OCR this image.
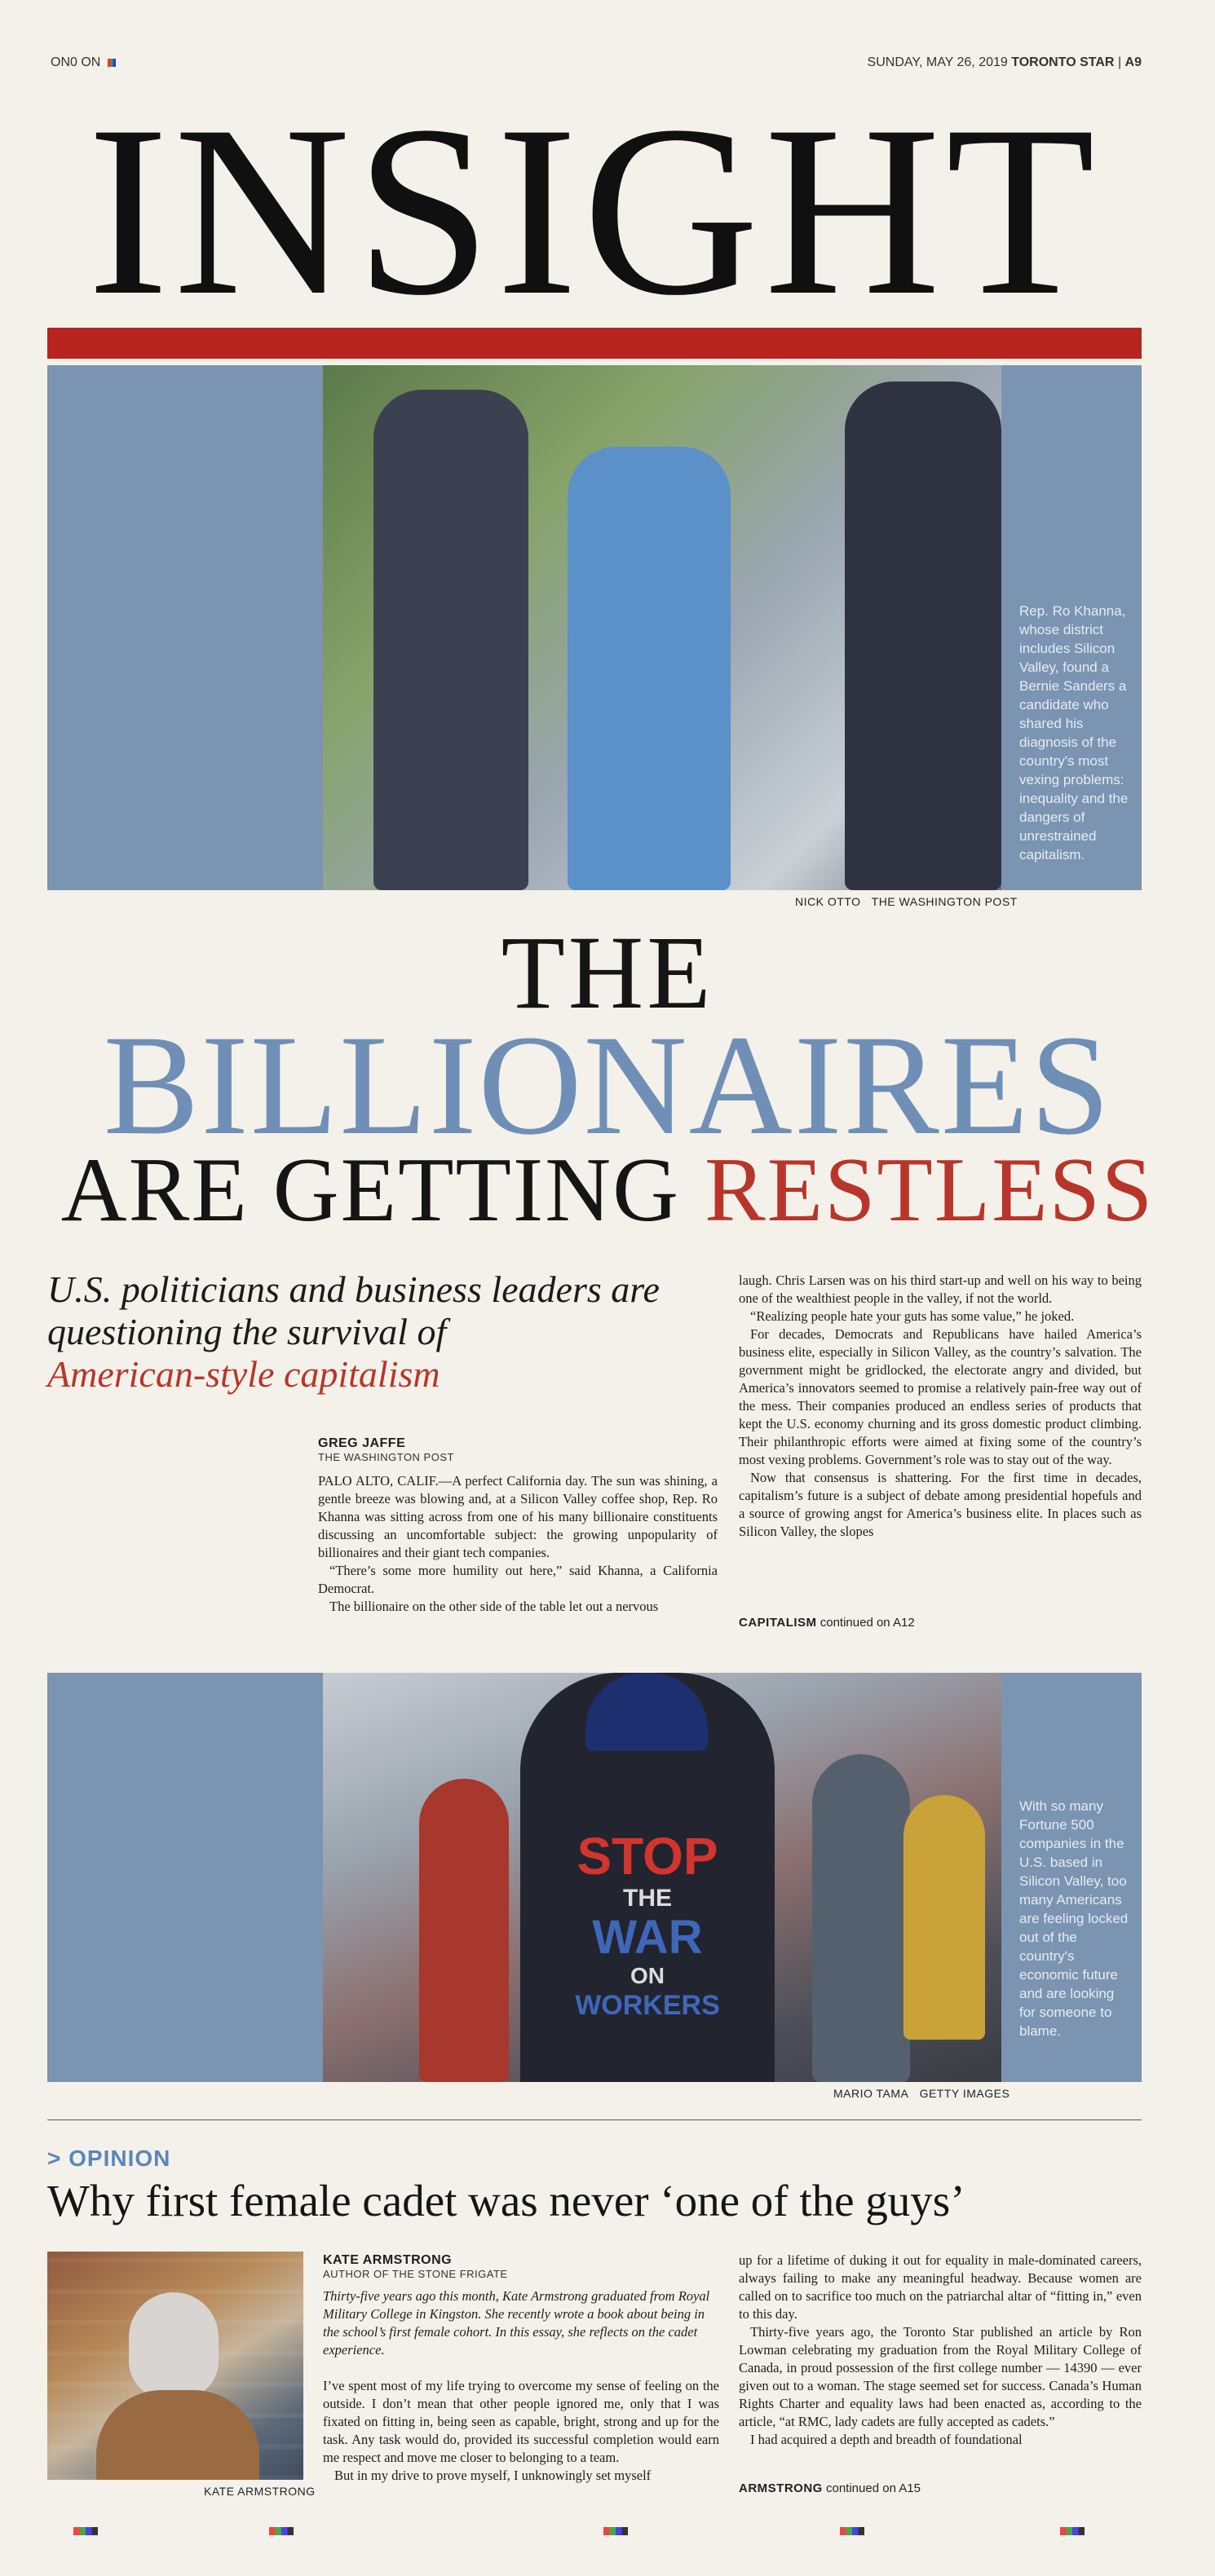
ON0 ON	SUNDAY, MAY 26, 2019 TORONTO STAR | A9
INSIGHT
Rep. Ro Khanna, whose district includes Silicon Valley, found a Bernie Sanders a candidate who shared his diagnosis of the country's most vexing problems: inequality and the dangers of unrestrained capitalism.
NICK OTTO THE WASHINGTON POST
THE
BILLIONAIRES
ARE GETTING RESTLESS
U.S. politicians and business leaders are questioning the survival of
American-style capitalism
GREG JAFFE
THE WASHINGTON POST

PALO ALTO, CALIF.—A perfect California day. The sun was shining, a gentle breeze was blowing and, at a Silicon Valley coffee shop, Rep. Ro Khanna was sitting across from one of his many billionaire constituents discussing an uncomfortable subject: the growing unpopularity of billionaires and their giant tech companies.

“There’s some more humility out here,” said Khanna, a California Democrat.

The billionaire on the other side of the table let out a nervous

laugh. Chris Larsen was on his third start-up and well on his way to being one of the wealthiest people in the valley, if not the world.

“Realizing people hate your guts has some value,” he joked.

For decades, Democrats and Republicans have hailed America’s business elite, especially in Silicon Valley, as the country’s salvation. The government might be gridlocked, the electorate angry and divided, but America’s innovators seemed to promise a relatively pain-free way out of the mess. Their companies produced an endless series of products that kept the U.S. economy churning and its gross domestic product climbing. Their philanthropic efforts were aimed at fixing some of the country’s most vexing problems. Government’s role was to stay out of the way.

Now that consensus is shattering. For the first time in decades, capitalism’s future is a subject of debate among presidential hopefuls and a source of growing angst for America’s business elite. In places such as Silicon Valley, the slopes

CAPITALISM continued on A12
STOP
THE
WAR
ON
WORKERS
With so many Fortune 500 companies in the U.S. based in Silicon Valley, too many Americans are feeling locked out of the country's economic future and are looking for someone to blame.
MARIO TAMA GETTY IMAGES
> OPINION
Why first female cadet was never ‘one of the guys’
KATE ARMSTRONG
KATE ARMSTRONG
AUTHOR OF THE STONE FRIGATE
Thirty-five years ago this month, Kate Armstrong graduated from Royal Military College in Kingston. She recently wrote a book about being in the school’s first female cohort. In this essay, she reflects on the cadet experience.

I’ve spent most of my life trying to overcome my sense of feeling on the outside. I don’t mean that other people ignored me, only that I was fixated on fitting in, being seen as capable, bright, strong and up for the task. Any task would do, provided its successful completion would earn me respect and move me closer to belonging to a team.

But in my drive to prove myself, I unknowingly set myself

up for a lifetime of duking it out for equality in male-dominated careers, always failing to make any meaningful headway. Because women are called on to sacrifice too much on the patriarchal altar of “fitting in,” even to this day.

Thirty-five years ago, the Toronto Star published an article by Ron Lowman celebrating my graduation from the Royal Military College of Canada, in proud possession of the first college number — 14390 — ever given out to a woman. The stage seemed set for success. Canada’s Human Rights Charter and equality laws had been enacted as, according to the article, “at RMC, lady cadets are fully accepted as cadets.”

I had acquired a depth and breadth of foundational

ARMSTRONG continued on A15
